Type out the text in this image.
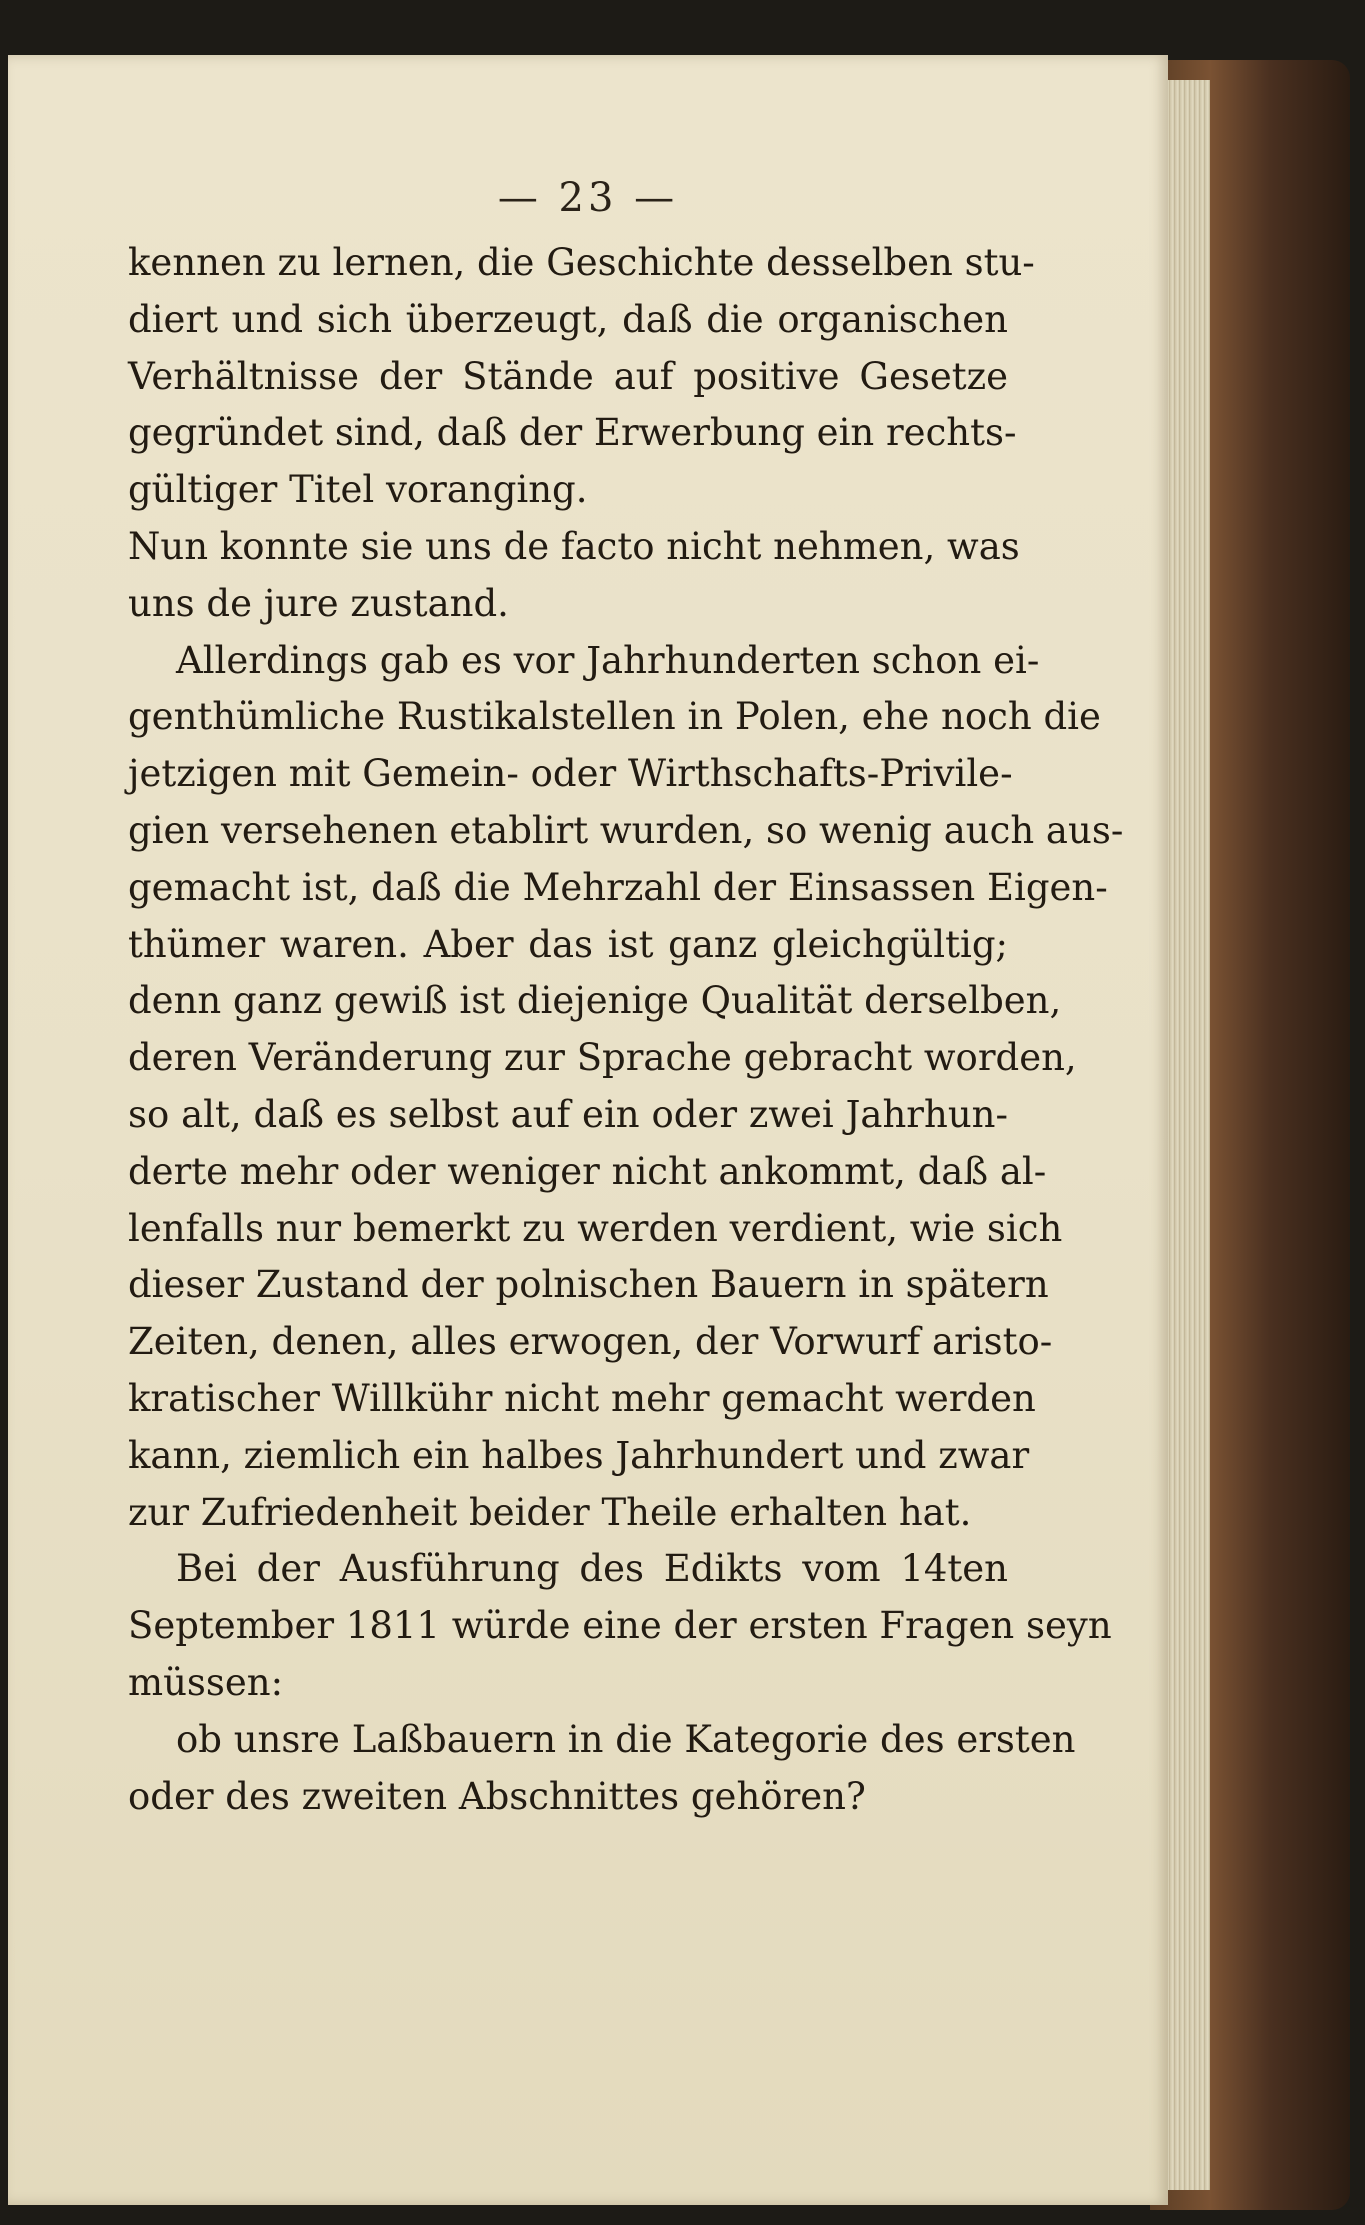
— 23 —
kennen zu lernen, die Geschichte desselben stu-
diert und sich überzeugt, daß die organischen
Verhältnisse der Stände auf positive Gesetze
gegründet sind, daß der Erwerbung ein rechts-
gültiger Titel voranging.
Nun konnte sie uns de facto nicht nehmen, was
uns de jure zustand.
Allerdings gab es vor Jahrhunderten schon ei-
genthümliche Rustikalstellen in Polen, ehe noch die
jetzigen mit Gemein- oder Wirthschafts-Privile-
gien versehenen etablirt wurden, so wenig auch aus-
gemacht ist, daß die Mehrzahl der Einsassen Eigen-
thümer waren. Aber das ist ganz gleichgültig;
denn ganz gewiß ist diejenige Qualität derselben,
deren Veränderung zur Sprache gebracht worden,
so alt, daß es selbst auf ein oder zwei Jahrhun-
derte mehr oder weniger nicht ankommt, daß al-
lenfalls nur bemerkt zu werden verdient, wie sich
dieser Zustand der polnischen Bauern in spätern
Zeiten, denen, alles erwogen, der Vorwurf aristo-
kratischer Willkühr nicht mehr gemacht werden
kann, ziemlich ein halbes Jahrhundert und zwar
zur Zufriedenheit beider Theile erhalten hat.
Bei der Ausführung des Edikts vom 14ten
September 1811 würde eine der ersten Fragen seyn
müssen:
ob unsre Laßbauern in die Kategorie des ersten
oder des zweiten Abschnittes gehören?
